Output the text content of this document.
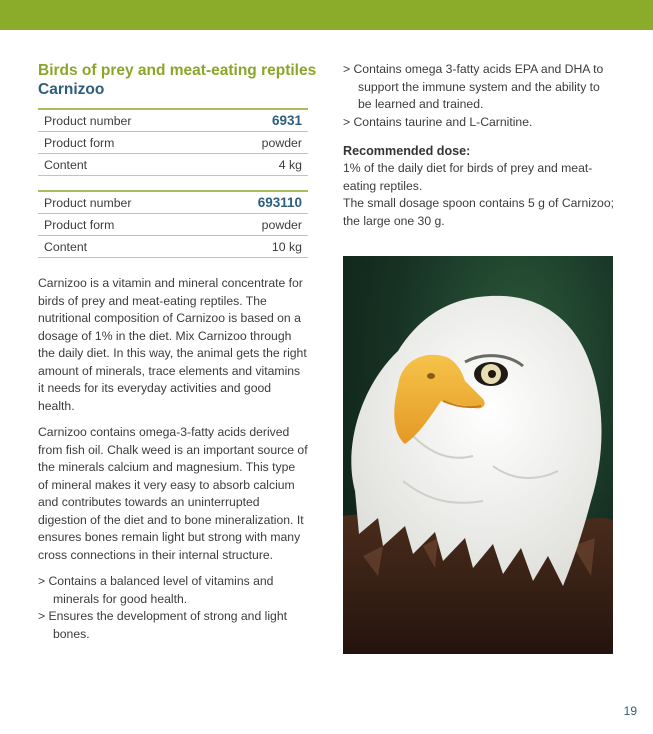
Birds of prey and meat-eating reptiles
Carnizoo
Product number	6931
Product form	powder
Content	4 kg
Product number	693110
Product form	powder
Content	10 kg

Carnizoo is a vitamin and mineral concentrate for birds of prey and meat-eating reptiles. The nutritional composition of Carnizoo is based on a dosage of 1% in the diet. Mix Carnizoo through the daily diet. In this way, the animal gets the right amount of minerals, trace elements and vitamins it needs for its everyday activities and good health.

Carnizoo contains omega-3-fatty acids derived from fish oil. Chalk weed is an important source of the minerals calcium and magnesium. This type of mineral makes it very easy to absorb calcium and contributes towards an uninterrupted digestion of the diet and to bone mineralization. It ensures bones remain light but strong with many cross connections in their internal structure.

> Contains a balanced level of vitamins and minerals for good health.
> Ensures the development of strong and light bones.
> Contains omega 3-fatty acids EPA and DHA to support the immune system and the ability to be learned and trained.
> Contains taurine and L-Carnitine.
Recommended dose:

1% of the daily diet for birds of prey and meat-eating reptiles.

The small dosage spoon contains 5 g of Carnizoo; the large one 30 g.

19
